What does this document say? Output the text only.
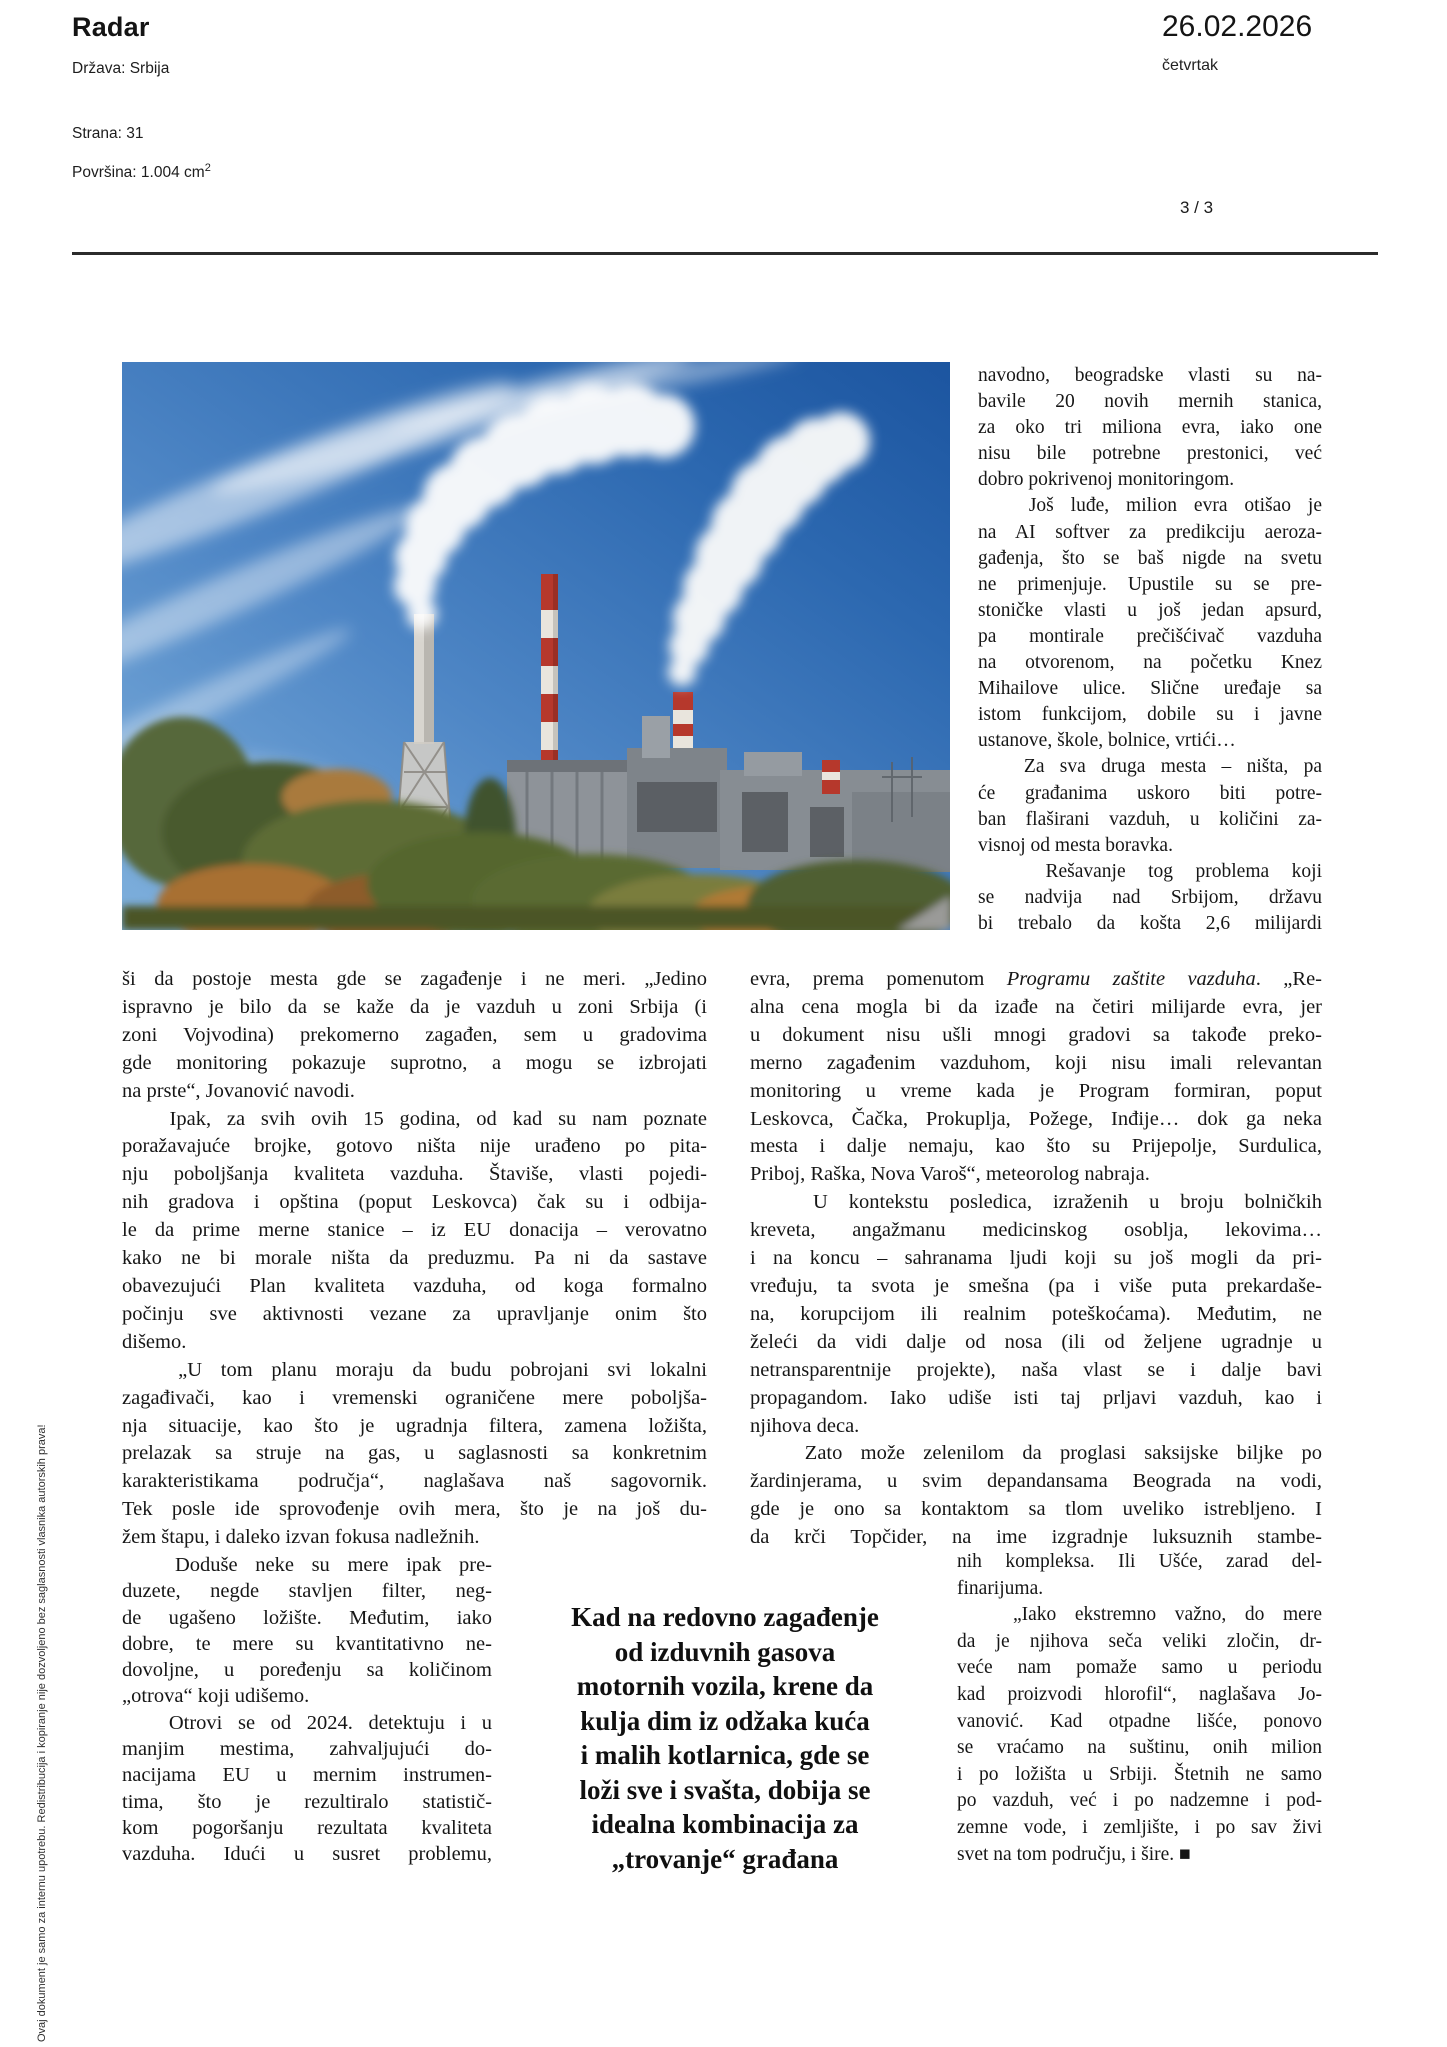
Radar
Država: Srbija
Strana: 31
Površina: 1.004 $cm^2$
26.02.2026
četvrtak
3 / 3
Ovaj dokument je samo za internu upotrebu. Redistribucija i kopiranje nije dozvoljeno bez saglasnosti vlasnika autorskih prava!
navodno, beogradske vlasti su na-
bavile 20 novih mernih stanica,
za oko tri miliona evra, iako one
nisu bile potrebne prestonici, već
dobro pokrivenoj monitoringom.
Još luđe, milion evra otišao je
na AI softver za predikciju aeroza-
gađenja, što se baš nigde na svetu
ne primenjuje. Upustile su se pre-
stoničke vlasti u još jedan apsurd,
pa montirale prečišćivač vazduha
na otvorenom, na početku Knez
Mihailove ulice. Slične uređaje sa
istom funkcijom, dobile su i javne
ustanove, škole, bolnice, vrtići…
Za sva druga mesta – ništa, pa
će građanima uskoro biti potre-
ban flaširani vazduh, u količini za-
visnoj od mesta boravka.
Rešavanje tog problema koji
se nadvija nad Srbijom, državu
bi trebalo da košta 2,6 milijardi
ši da postoje mesta gde se zagađenje i ne meri. „Jedino
ispravno je bilo da se kaže da je vazduh u zoni Srbija (i
zoni Vojvodina) prekomerno zagađen, sem u gradovima
gde monitoring pokazuje suprotno, a mogu se izbrojati
na prste“, Jovanović navodi.
Ipak, za svih ovih 15 godina, od kad su nam poznate
poražavajuće brojke, gotovo ništa nije urađeno po pita-
nju poboljšanja kvaliteta vazduha. Štaviše, vlasti pojedi-
nih gradova i opština (poput Leskovca) čak su i odbija-
le da prime merne stanice – iz EU donacija – verovatno
kako ne bi morale ništa da preduzmu. Pa ni da sastave
obavezujući Plan kvaliteta vazduha, od koga formalno
počinju sve aktivnosti vezane za upravljanje onim što
dišemo.
„U tom planu moraju da budu pobrojani svi lokalni
zagađivači, kao i vremenski ograničene mere poboljša-
nja situacije, kao što je ugradnja filtera, zamena ložišta,
prelazak sa struje na gas, u saglasnosti sa konkretnim
karakteristikama područja“, naglašava naš sagovornik.
Tek posle ide sprovođenje ovih mera, što je na još du-
žem štapu, i daleko izvan fokusa nadležnih.
evra, prema pomenutom Programu zaštite vazduha. „Re-
alna cena mogla bi da izađe na četiri milijarde evra, jer
u dokument nisu ušli mnogi gradovi sa takođe preko-
merno zagađenim vazduhom, koji nisu imali relevantan
monitoring u vreme kada je Program formiran, poput
Leskovca, Čačka, Prokuplja, Požege, Inđije… dok ga neka
mesta i dalje nemaju, kao što su Prijepolje, Surdulica,
Priboj, Raška, Nova Varoš“, meteorolog nabraja.
U kontekstu posledica, izraženih u broju bolničkih
kreveta, angažmanu medicinskog osoblja, lekovima…
i na koncu – sahranama ljudi koji su još mogli da pri-
vređuju, ta svota je smešna (pa i više puta prekardaše-
na, korupcijom ili realnim poteškoćama). Međutim, ne
želeći da vidi dalje od nosa (ili od željene ugradnje u
netransparentnije projekte), naša vlast se i dalje bavi
propagandom. Iako udiše isti taj prljavi vazduh, kao i
njihova deca.
Zato može zelenilom da proglasi saksijske biljke po
žardinjerama, u svim depandansama Beograda na vodi,
gde je ono sa kontaktom sa tlom uveliko istrebljeno. I
da krči Topčider, na ime izgradnje luksuznih stambe-
Doduše neke su mere ipak pre-
duzete, negde stavljen filter, neg-
de ugašeno ložište. Međutim, iako
dobre, te mere su kvantitativno ne-
dovoljne, u poređenju sa količinom
„otrova“ koji udišemo.
Otrovi se od 2024. detektuju i u
manjim mestima, zahvaljujući do-
nacijama EU u mernim instrumen-
tima, što je rezultiralo statistič-
kom pogoršanju rezultata kvaliteta
vazduha. Idući u susret problemu,
Kad na redovno zagađenje
od izduvnih gasova
motornih vozila, krene da
kulja dim iz odžaka kuća
i malih kotlarnica, gde se
loži sve i svašta, dobija se
idealna kombinacija za
„trovanje“ građana
nih kompleksa. Ili Ušće, zarad del-
finarijuma.
„Iako ekstremno važno, do mere
da je njihova seča veliki zločin, dr-
veće nam pomaže samo u periodu
kad proizvodi hlorofil“, naglašava Jo-
vanović. Kad otpadne lišće, ponovo
se vraćamo na suštinu, onih milion
i po ložišta u Srbiji. Štetnih ne samo
po vazduh, već i po nadzemne i pod-
zemne vode, i zemljište, i po sav živi
svet na tom području, i šire. ■
